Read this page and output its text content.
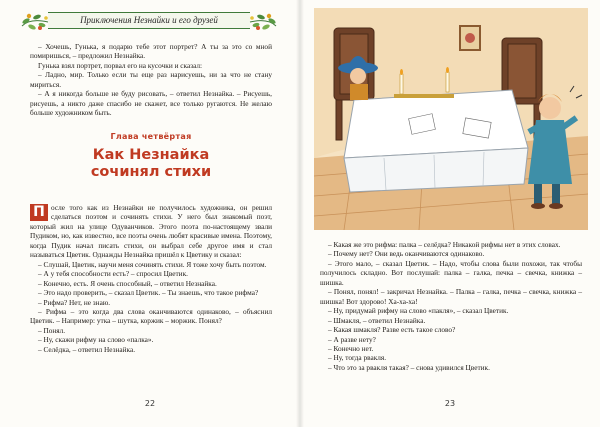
Приключения Незнайки и его друзей

– Хочешь, Гунька, я подарю тебе этот портрет? А ты за это со мной помиришься, – предложил Незнайка.

Гунька взял портрет, порвал его на кусочки и сказал:

– Ладно, мир. Только если ты еще раз нарисуешь, ни за что не стану мириться.

– А я никогда больше не буду рисовать, – ответил Незнайка. – Рисуешь, рисуешь, а никто даже спасибо не скажет, все только ругаются. Не желаю больше художником быть.

Глава четвёртая
Как Незнайка
сочинял стихи

П осле того как из Незнайки не получилось художника, он решил сделаться поэтом и сочинять стихи. У него был знакомый поэт, который жил на улице Одуванчиков. Этого поэта по-настоящему звали Пудиком, но, как известно, все поэты очень любят красивые имена. Поэтому, когда Пудик начал писать стихи, он выбрал себе другое имя и стал называться Цветик. Однажды Незнайка пришёл к Цветику и сказал:

– Слушай, Цветик, научи меня сочинять стихи. Я тоже хочу быть поэтом.

– А у тебя способности есть? – спросил Цветик.

– Конечно, есть. Я очень способный, – ответил Незнайка.

– Это надо проверить, – сказал Цветик. – Ты знаешь, что такое рифма?

– Рифма? Нет, не знаю.

– Рифма – это когда два слова оканчиваются одинаково, – объяснил Цветик. – Например: утка – шутка, коржик – моржик. Понял?

– Понял.

– Ну, скажи рифму на слово «палка».

– Селёдка, – ответил Незнайка.

22

– Какая же это рифма: палка – селёдка? Никакой рифмы нет в этих словах.

– Почему нет? Они ведь оканчиваются одинаково.

– Этого мало, – сказал Цветик. – Надо, чтобы слова были похожи, так чтобы получилось складно. Вот послушай: палка – галка, печка – свечка, книжка – шишка.

– Понял, понял! – закричал Незнайка. – Палка – галка, печка – свечка, книжка – шишка! Вот здорово! Ха-ха-ха!

– Ну, придумай рифму на слово «пакля», – сказал Цветик.

– Шмакля, – ответил Незнайка.

– Какая шмакля? Разве есть такое слово?

– А разве нету?

– Конечно нет.

– Ну, тогда рвакля.

– Что это за рвакля такая? – снова удивился Цветик.

23
